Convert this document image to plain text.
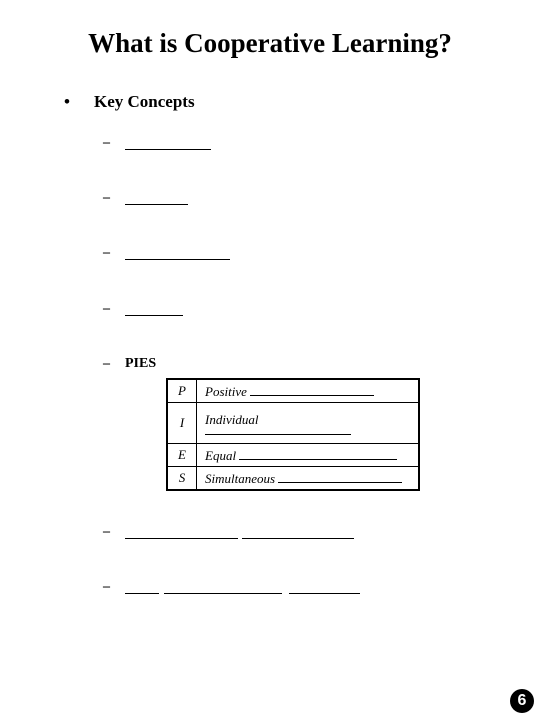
What is Cooperative Learning?
• Key Concepts
–
–
–
–
– PIES
P	Positive
I	Individual

E	Equal
S	Simultaneous
–
–
6
